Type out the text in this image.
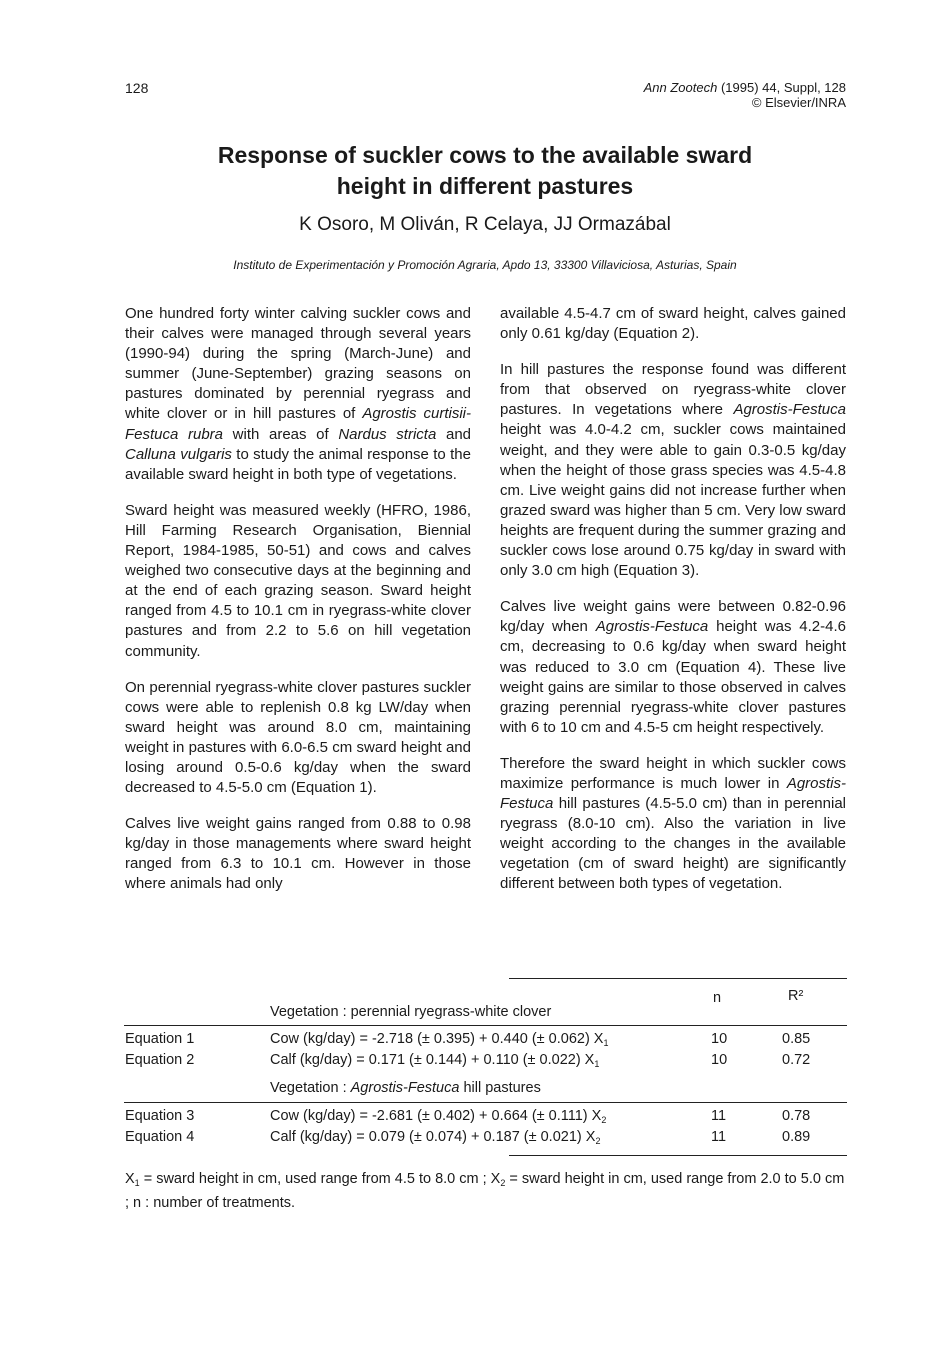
128	Ann Zootech (1995) 44, Suppl, 128
© Elsevier/INRA
Response of suckler cows to the available sward
height in different pastures
K Osoro, M Oliván, R Celaya, JJ Ormazábal
Instituto de Experimentación y Promoción Agraria, Apdo 13, 33300 Villaviciosa, Asturias, Spain

One hundred forty winter calving suckler cows and their calves were managed through several years (1990-94) during the spring (March-June) and summer (June-September) grazing seasons on pastures dominated by perennial ryegrass and white clover or in hill pastures of Agrostis curtisii-Festuca rubra with areas of Nardus stricta and Calluna vulgaris to study the animal response to the available sward height in both type of vegetations.

Sward height was measured weekly (HFRO, 1986, Hill Farming Research Organisation, Biennial Report, 1984-1985, 50-51) and cows and calves weighed two consecutive days at the beginning and at the end of each grazing season. Sward height ranged from 4.5 to 10.1 cm in ryegrass-white clover pastures and from 2.2 to 5.6 on hill vegetation community.

On perennial ryegrass-white clover pastures suckler cows were able to replenish 0.8 kg LW/day when sward height was around 8.0 cm, maintaining weight in pastures with 6.0-6.5 cm sward height and losing around 0.5-0.6 kg/day when the sward decreased to 4.5-5.0 cm (Equation 1).

Calves live weight gains ranged from 0.88 to 0.98 kg/day in those managements where sward height ranged from 6.3 to 10.1 cm. However in those where animals had only

available 4.5-4.7 cm of sward height, calves gained only 0.61 kg/day (Equation 2).

In hill pastures the response found was different from that observed on ryegrass-white clover pastures. In vegetations where Agrostis-Festuca height was 4.0-4.2 cm, suckler cows maintained weight, and they were able to gain 0.3-0.5 kg/day when the height of those grass species was 4.5-4.8 cm. Live weight gains did not increase further when grazed sward was higher than 5 cm. Very low sward heights are frequent during the summer grazing and suckler cows lose around 0.75 kg/day in sward with only 3.0 cm high (Equation 3).

Calves live weight gains were between 0.82-0.96 kg/day when Agrostis-Festuca height was 4.2-4.6 cm, decreasing to 0.6 kg/day when sward height was reduced to 3.0 cm (Equation 4). These live weight gains are similar to those observed in calves grazing perennial ryegrass-white clover pastures with 6 to 10 cm and 4.5-5 cm height respectively.

Therefore the sward height in which suckler cows maximize performance is much lower in Agrostis-Festuca hill pastures (4.5-5.0 cm) than in perennial ryegrass (8.0-10 cm). Also the variation in live weight according to the changes in the available vegetation (cm of sward height) are significantly different between both types of vegetation.

n	R²
Vegetation : perennial ryegrass-white clover
Equation 1	Cow (kg/day) = -2.718 (± 0.395) + 0.440 (± 0.062) $X_1$	10	0.85
Equation 2	Calf (kg/day) = 0.171 (± 0.144) + 0.110 (± 0.022) $X_1$	10	0.72
Vegetation : Agrostis-Festuca hill pastures
Equation 3	Cow (kg/day) = -2.681 (± 0.402) + 0.664 (± 0.111) $X_2$	11	0.78
Equation 4	Calf (kg/day) = 0.079 (± 0.074) + 0.187 (± 0.021) $X_2$	11	0.89
$X_1$ = sward height in cm, used range from 4.5 to 8.0 cm ; $X_2$ = sward height in cm, used range from 2.0 to 5.0 cm ; n : number of treatments.
